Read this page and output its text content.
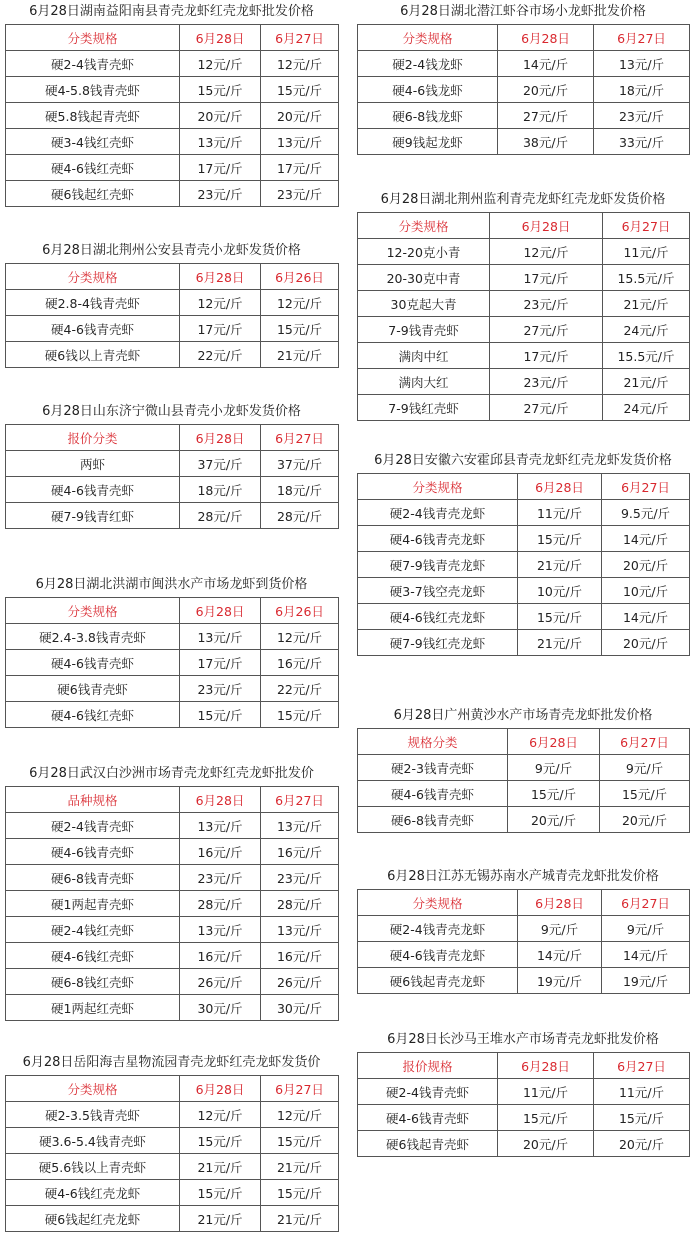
6月28日湖南益阳南县青壳龙虾红壳龙虾批发价格
分类规格	6月28日	6月27日
硬2-4钱青壳虾	12元/斤	12元/斤
硬4-5.8钱青壳虾	15元/斤	15元/斤
硬5.8钱起青壳虾	20元/斤	20元/斤
硬3-4钱红壳虾	13元/斤	13元/斤
硬4-6钱红壳虾	17元/斤	17元/斤
硬6钱起红壳虾	23元/斤	23元/斤
6月28日湖北荆州公安县青壳小龙虾发货价格
分类规格	6月28日	6月26日
硬2.8-4钱青壳虾	12元/斤	12元/斤
硬4-6钱青壳虾	17元/斤	15元/斤
硬6钱以上青壳虾	22元/斤	21元/斤
6月28日山东济宁微山县青壳小龙虾发货价格
报价分类	6月28日	6月27日
两虾	37元/斤	37元/斤
硬4-6钱青壳虾	18元/斤	18元/斤
硬7-9钱青红虾	28元/斤	28元/斤
6月28日湖北洪湖市闽洪水产市场龙虾到货价格
分类规格	6月28日	6月26日
硬2.4-3.8钱青壳虾	13元/斤	12元/斤
硬4-6钱青壳虾	17元/斤	16元/斤
硬6钱青壳虾	23元/斤	22元/斤
硬4-6钱红壳虾	15元/斤	15元/斤
6月28日武汉白沙洲市场青壳龙虾红壳龙虾批发价
品种规格	6月28日	6月27日
硬2-4钱青壳虾	13元/斤	13元/斤
硬4-6钱青壳虾	16元/斤	16元/斤
硬6-8钱青壳虾	23元/斤	23元/斤
硬1两起青壳虾	28元/斤	28元/斤
硬2-4钱红壳虾	13元/斤	13元/斤
硬4-6钱红壳虾	16元/斤	16元/斤
硬6-8钱红壳虾	26元/斤	26元/斤
硬1两起红壳虾	30元/斤	30元/斤
6月28日岳阳海吉星物流园青壳龙虾红壳龙虾发货价
分类规格	6月28日	6月27日
硬2-3.5钱青壳虾	12元/斤	12元/斤
硬3.6-5.4钱青壳虾	15元/斤	15元/斤
硬5.6钱以上青壳虾	21元/斤	21元/斤
硬4-6钱红壳龙虾	15元/斤	15元/斤
硬6钱起红壳龙虾	21元/斤	21元/斤
6月28日湖北潜江虾谷市场小龙虾批发价格
分类规格	6月28日	6月27日
硬2-4钱龙虾	14元/斤	13元/斤
硬4-6钱龙虾	20元/斤	18元/斤
硬6-8钱龙虾	27元/斤	23元/斤
硬9钱起龙虾	38元/斤	33元/斤
6月28日湖北荆州监利青壳龙虾红壳龙虾发货价格
分类规格	6月28日	6月27日
12-20克小青	12元/斤	11元/斤
20-30克中青	17元/斤	15.5元/斤
30克起大青	23元/斤	21元/斤
7-9钱青壳虾	27元/斤	24元/斤
满肉中红	17元/斤	15.5元/斤
满肉大红	23元/斤	21元/斤
7-9钱红壳虾	27元/斤	24元/斤
6月28日安徽六安霍邱县青壳龙虾红壳龙虾发货价格
分类规格	6月28日	6月27日
硬2-4钱青壳龙虾	11元/斤	9.5元/斤
硬4-6钱青壳龙虾	15元/斤	14元/斤
硬7-9钱青壳龙虾	21元/斤	20元/斤
硬3-7钱空壳龙虾	10元/斤	10元/斤
硬4-6钱红壳龙虾	15元/斤	14元/斤
硬7-9钱红壳龙虾	21元/斤	20元/斤
6月28日广州黄沙水产市场青壳龙虾批发价格
规格分类	6月28日	6月27日
硬2-3钱青壳虾	9元/斤	9元/斤
硬4-6钱青壳虾	15元/斤	15元/斤
硬6-8钱青壳虾	20元/斤	20元/斤
6月28日江苏无锡苏南水产城青壳龙虾批发价格
分类规格	6月28日	6月27日
硬2-4钱青壳龙虾	9元/斤	9元/斤
硬4-6钱青壳龙虾	14元/斤	14元/斤
硬6钱起青壳龙虾	19元/斤	19元/斤
6月28日长沙马王堆水产市场青壳龙虾批发价格
报价规格	6月28日	6月27日
硬2-4钱青壳虾	11元/斤	11元/斤
硬4-6钱青壳虾	15元/斤	15元/斤
硬6钱起青壳虾	20元/斤	20元/斤
